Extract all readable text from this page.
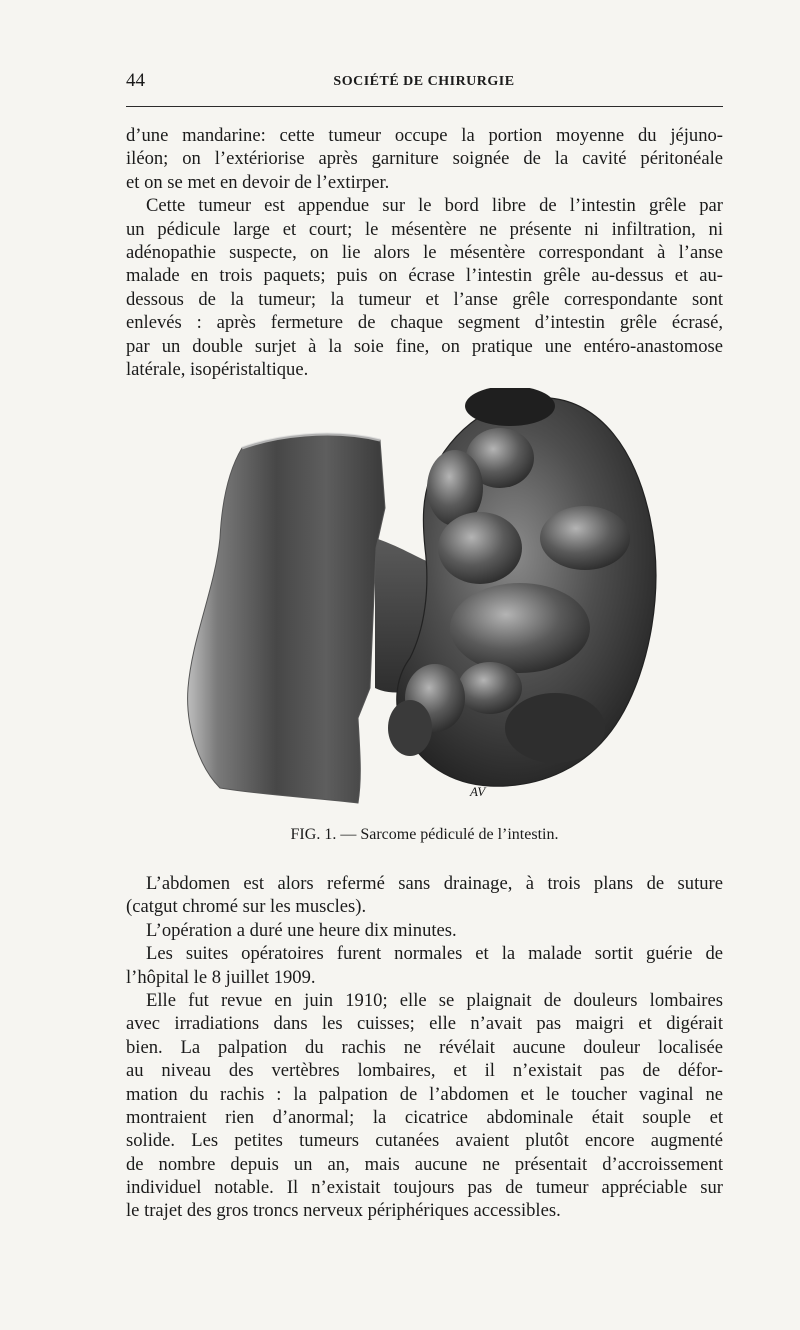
44	SOCIÉTÉ DE CHIRURGIE
d’une mandarine: cette tumeur occupe la portion moyenne du jéjuno-
iléon; on l’extériorise après garniture soignée de la cavité péritonéale
et on se met en devoir de l’extirper.
Cette tumeur est appendue sur le bord libre de l’intestin grêle par
un pédicule large et court; le mésentère ne présente ni infiltration, ni
adénopathie suspecte, on lie alors le mésentère correspondant à l’anse
malade en trois paquets; puis on écrase l’intestin grêle au-dessus et au-
dessous de la tumeur; la tumeur et l’anse grêle correspondante sont
enlevés : après fermeture de chaque segment d’intestin grêle écrasé,
par un double surjet à la soie fine, on pratique une entéro-anastomose
latérale, isopéristaltique.
AV
FIG. 1. — Sarcome pédiculé de l’intestin.
L’abdomen est alors refermé sans drainage, à trois plans de suture
(catgut chromé sur les muscles).
L’opération a duré une heure dix minutes.
Les suites opératoires furent normales et la malade sortit guérie de
l’hôpital le 8 juillet 1909.
Elle fut revue en juin 1910; elle se plaignait de douleurs lombaires
avec irradiations dans les cuisses; elle n’avait pas maigri et digérait
bien. La palpation du rachis ne révélait aucune douleur localisée
au niveau des vertèbres lombaires, et il n’existait pas de défor-
mation du rachis : la palpation de l’abdomen et le toucher vaginal ne
montraient rien d’anormal; la cicatrice abdominale était souple et
solide. Les petites tumeurs cutanées avaient plutôt encore augmenté
de nombre depuis un an, mais aucune ne présentait d’accroissement
individuel notable. Il n’existait toujours pas de tumeur appréciable sur
le trajet des gros troncs nerveux périphériques accessibles.
